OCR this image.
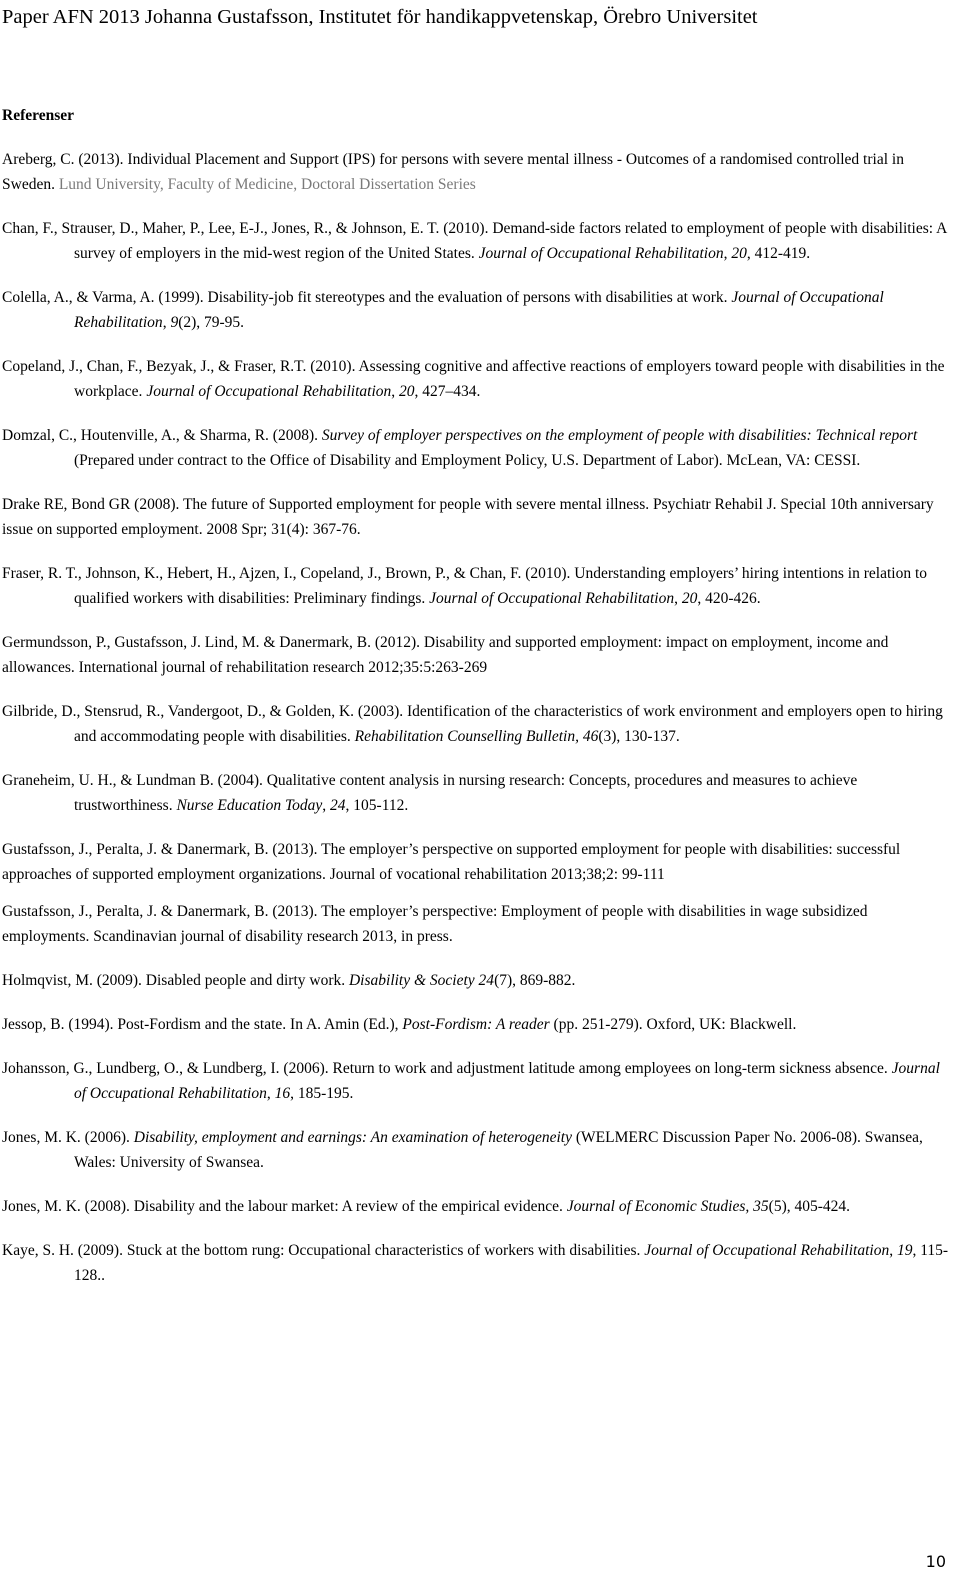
Paper AFN 2013 Johanna Gustafsson, Institutet för handikappvetenskap, Örebro Universitet
Referenser

Areberg, C. (2013). Individual Placement and Support (IPS) for persons with severe mental illness - Outcomes of a randomised controlled trial in Sweden. Lund University, Faculty of Medicine, Doctoral Dissertation Series

Chan, F., Strauser, D., Maher, P., Lee, E-J., Jones, R., & Johnson, E. T. (2010). Demand-side factors related to employment of people with disabilities: A survey of employers in the mid-west region of the United States. Journal of Occupational Rehabilitation, 20, 412-419.

Colella, A., & Varma, A. (1999). Disability-job fit stereotypes and the evaluation of persons with disabilities at work. Journal of Occupational Rehabilitation, 9(2), 79-95.

Copeland, J., Chan, F., Bezyak, J., & Fraser, R.T. (2010). Assessing cognitive and affective reactions of employers toward people with disabilities in the workplace. Journal of Occupational Rehabilitation, 20, 427–434.

Domzal, C., Houtenville, A., & Sharma, R. (2008). Survey of employer perspectives on the employment of people with disabilities: Technical report (Prepared under contract to the Office of Disability and Employment Policy, U.S. Department of Labor). McLean, VA: CESSI.

Drake RE, Bond GR (2008). The future of Supported employment for people with severe mental illness. Psychiatr Rehabil J. Special 10th anniversary issue on supported employment. 2008 Spr; 31(4): 367-76.

Fraser, R. T., Johnson, K., Hebert, H., Ajzen, I., Copeland, J., Brown, P., & Chan, F. (2010). Understanding employers’ hiring intentions in relation to qualified workers with disabilities: Preliminary findings. Journal of Occupational Rehabilitation, 20, 420-426.

Germundsson, P., Gustafsson, J. Lind, M. & Danermark, B. (2012). Disability and supported employment: impact on employment, income and allowances. International journal of rehabilitation research 2012;35:5:263-269

Gilbride, D., Stensrud, R., Vandergoot, D., & Golden, K. (2003). Identification of the characteristics of work environment and employers open to hiring and accommodating people with disabilities. Rehabilitation Counselling Bulletin, 46(3), 130-137.

Graneheim, U. H., & Lundman B. (2004). Qualitative content analysis in nursing research: Concepts, procedures and measures to achieve trustworthiness. Nurse Education Today, 24, 105-112.

Gustafsson, J., Peralta, J. & Danermark, B. (2013). The employer’s perspective on supported employment for people with disabilities: successful approaches of supported employment organizations. Journal of vocational rehabilitation 2013;38;2: 99-111

Gustafsson, J., Peralta, J. & Danermark, B. (2013). The employer’s perspective: Employment of people with disabilities in wage subsidized employments. Scandinavian journal of disability research 2013, in press.

Holmqvist, M. (2009). Disabled people and dirty work. Disability & Society 24(7), 869-882.

Jessop, B. (1994). Post-Fordism and the state. In A. Amin (Ed.), Post-Fordism: A reader (pp. 251-279). Oxford, UK: Blackwell.

Johansson, G., Lundberg, O., & Lundberg, I. (2006). Return to work and adjustment latitude among employees on long-term sickness absence. Journal of Occupational Rehabilitation, 16, 185-195.

Jones, M. K. (2006). Disability, employment and earnings: An examination of heterogeneity (WELMERC Discussion Paper No. 2006-08). Swansea, Wales: University of Swansea.

Jones, M. K. (2008). Disability and the labour market: A review of the empirical evidence. Journal of Economic Studies, 35(5), 405-424.

Kaye, S. H. (2009). Stuck at the bottom rung: Occupational characteristics of workers with disabilities. Journal of Occupational Rehabilitation, 19, 115-128..

10
